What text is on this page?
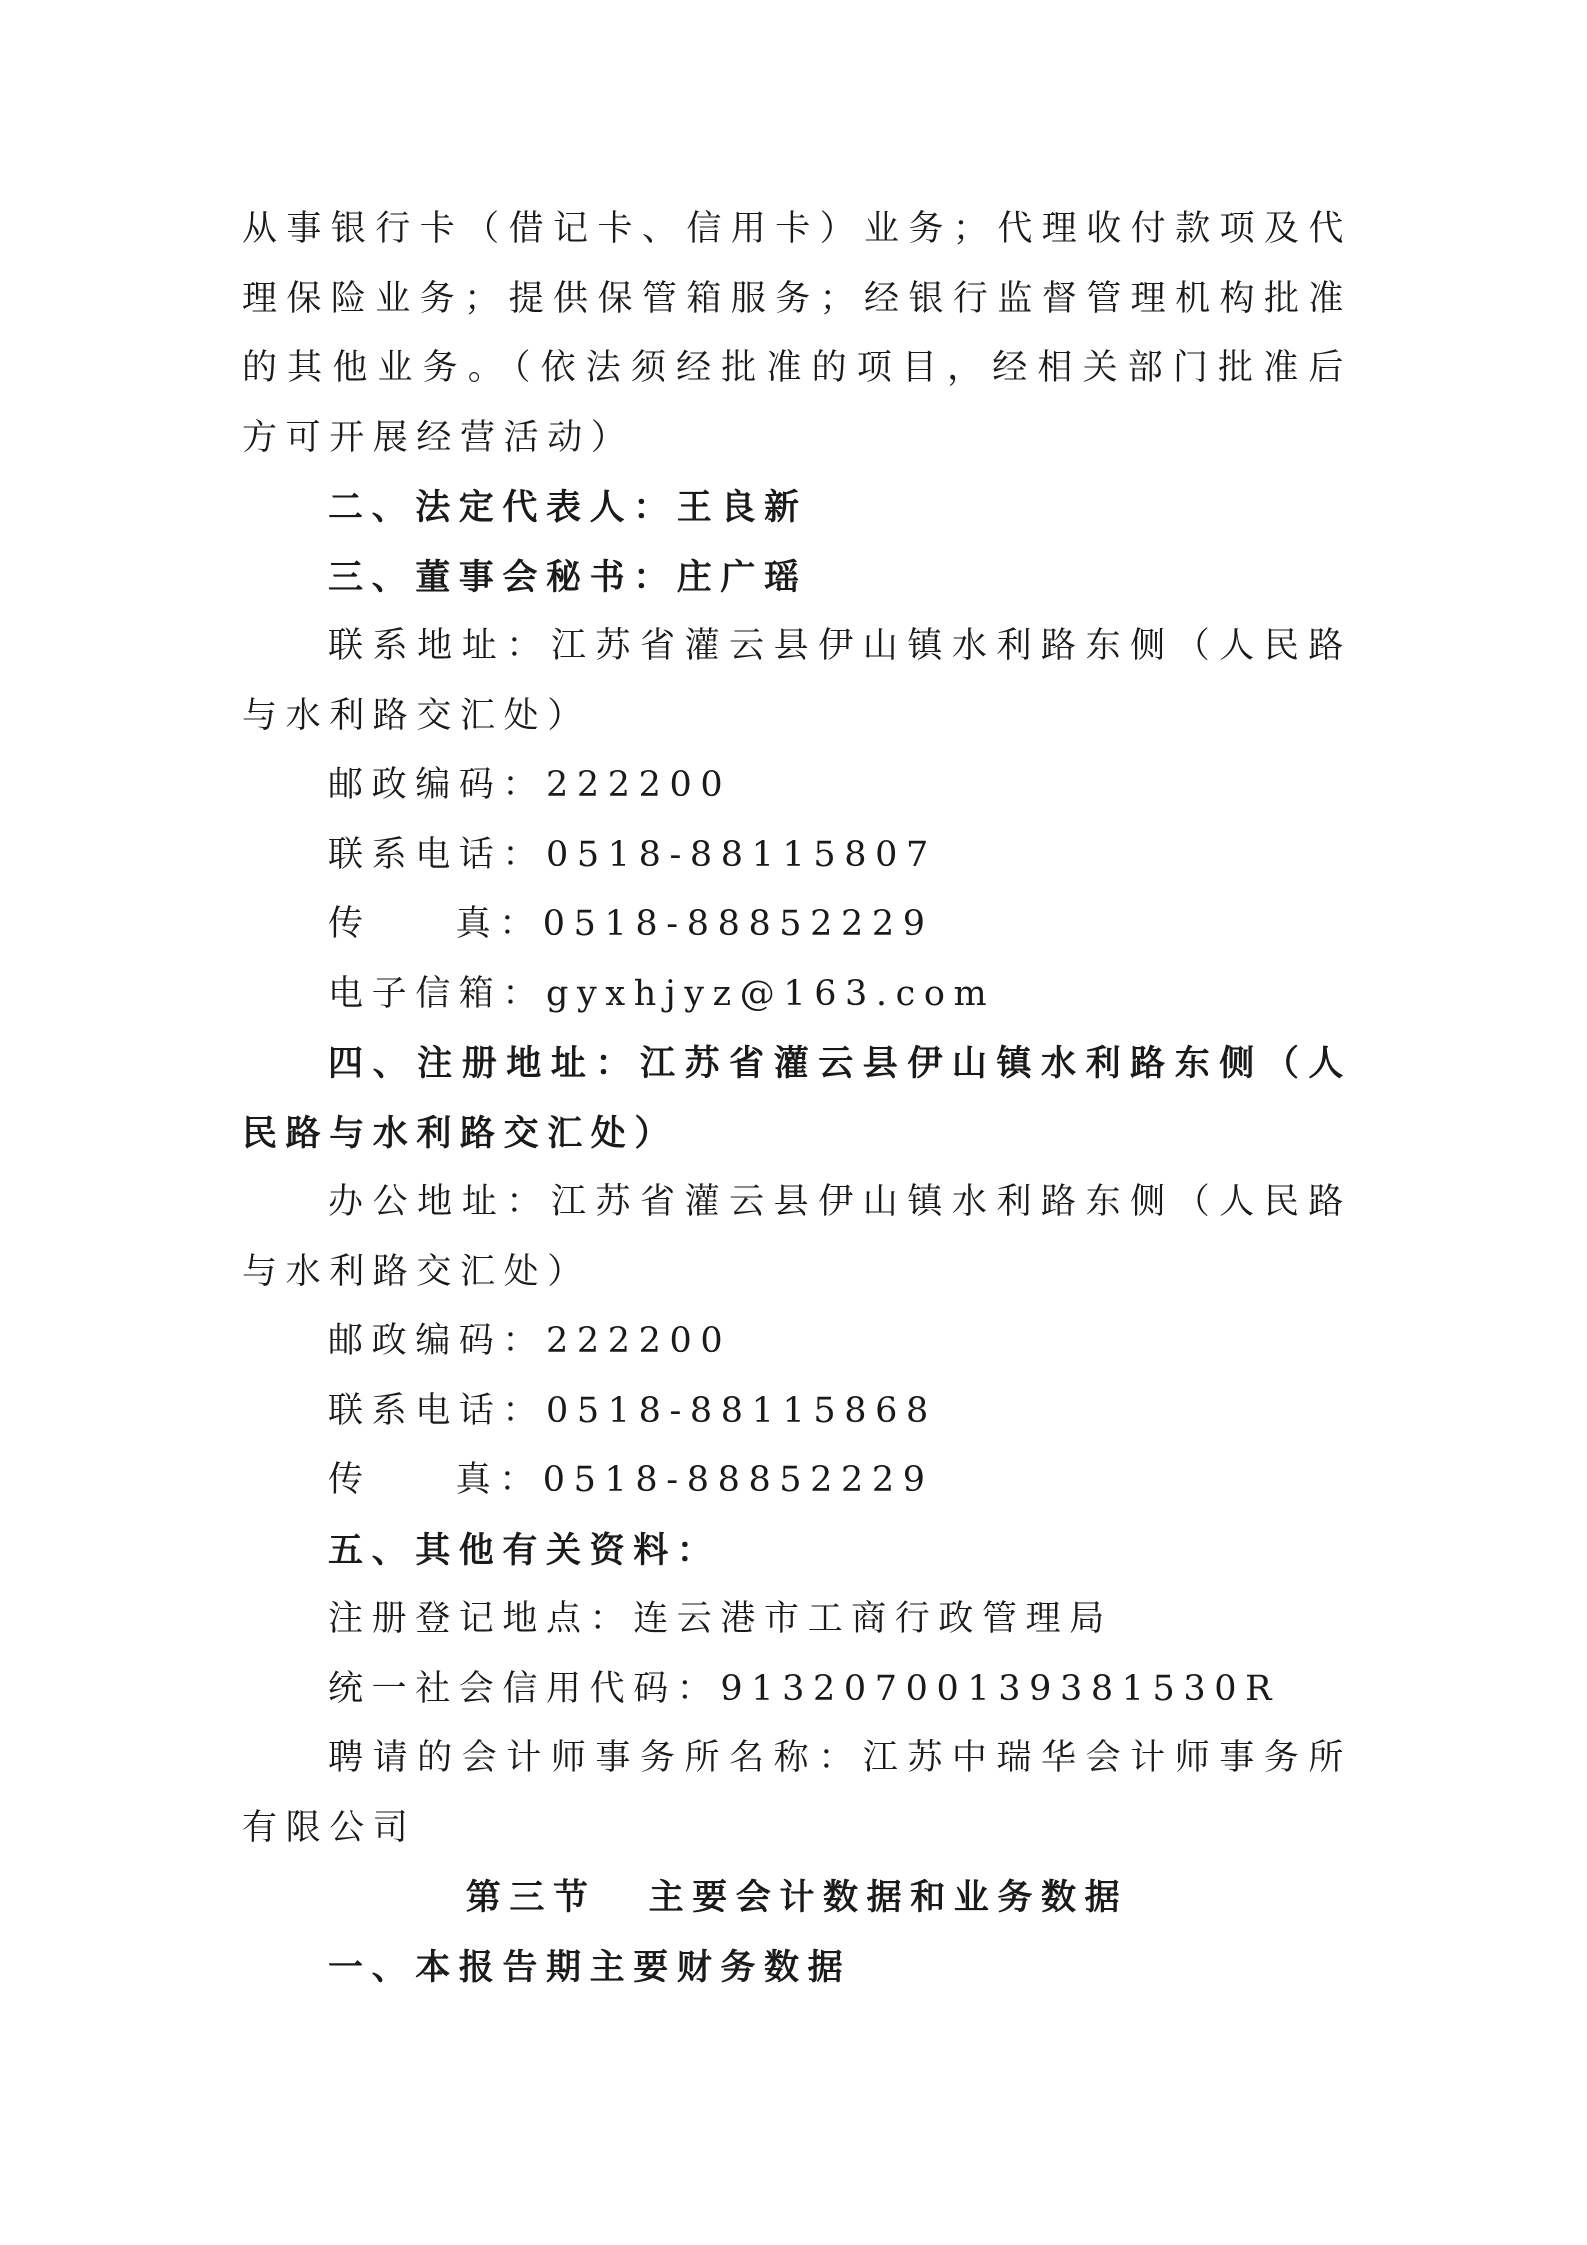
从事银行卡（借记卡、信用卡）业务；代理收付款项及代理保险业务；提供保管箱服务；经银行监督管理机构批准的其他业务。（依法须经批准的项目，经相关部门批准后方可开展经营活动）

二、法定代表人：王良新

三、董事会秘书：庄广瑶

联系地址：江苏省灌云县伊山镇水利路东侧（人民路与水利路交汇处）

邮政编码：222200

联系电话：0518-88115807

传 真：0518-88852229

电子信箱：gyxhjyz@163.com

四、注册地址：江苏省灌云县伊山镇水利路东侧（人民路与水利路交汇处）

办公地址：江苏省灌云县伊山镇水利路东侧（人民路与水利路交汇处）

邮政编码：222200

联系电话：0518-88115868

传 真：0518-88852229

五、其他有关资料：

注册登记地点：连云港市工商行政管理局

统一社会信用代码：91320700139381530R

聘请的会计师事务所名称：江苏中瑞华会计师事务所有限公司

第三节 主要会计数据和业务数据

一、本报告期主要财务数据
